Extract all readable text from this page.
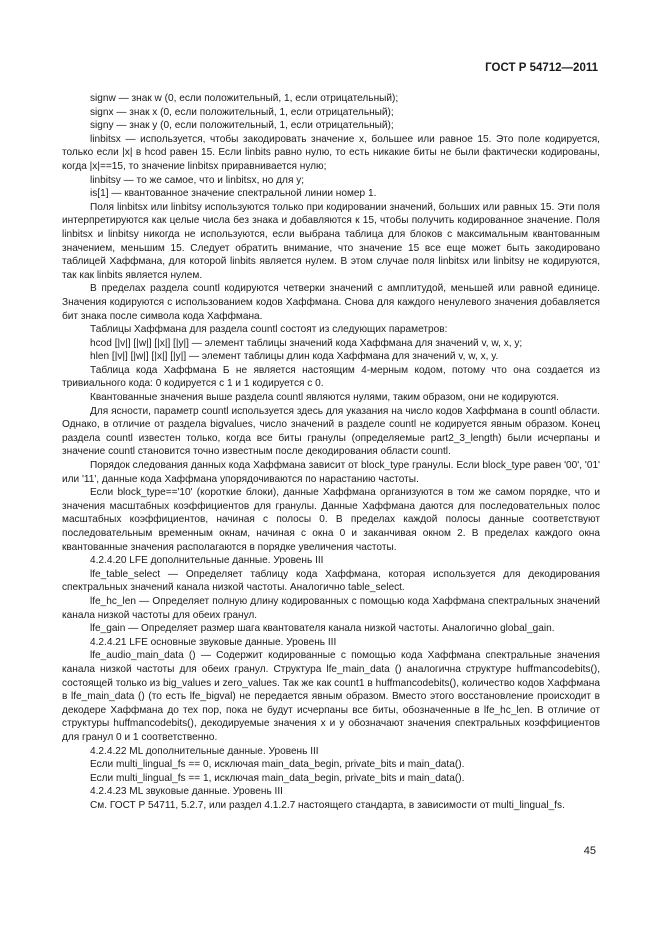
ГОСТ Р 54712—2011

signw — знак w (0, если положительный, 1, если отрицательный);

signx — знак x (0, если положительный, 1, если отрицательный);

signy — знак y (0, если положительный, 1, если отрицательный);

linbitsx — используется, чтобы закодировать значение x, большее или равное 15. Это поле кодируется, только если |x| в hcod равен 15. Если linbits равно нулю, то есть никакие биты не были фактически кодированы, когда |x|==15, то значение linbitsx приравнивается нулю;

linbitsy — то же самое, что и linbitsx, но для y;

is[1] — квантованное значение спектральной линии номер 1.

Поля linbitsx или linbitsy используются только при кодировании значений, больших или равных 15. Эти поля интерпретируются как целые числа без знака и добавляются к 15, чтобы получить кодированное значение. Поля linbitsx и linbitsy никогда не используются, если выбрана таблица для блоков с максимальным квантованным значением, меньшим 15. Следует обратить внимание, что значение 15 все еще может быть закодировано таблицей Хаффмана, для которой linbits является нулем. В этом случае поля linbitsx или linbitsy не кодируются, так как linbits является нулем.

В пределах раздела countl кодируются четверки значений с амплитудой, меньшей или равной единице. Значения кодируются с использованием кодов Хаффмана. Снова для каждого ненулевого значения добавляется бит знака после символа кода Хаффмана.

Таблицы Хаффмана для раздела countl состоят из следующих параметров:

hcod [|v|] [|w|] [|x|] [|y|] — элемент таблицы значений кода Хаффмана для значений v, w, x, y;

hlen [|v|] [|w|] [|x|] [|y|] — элемент таблицы длин кода Хаффмана для значений v, w, x, y.

Таблица кода Хаффмана Б не является настоящим 4-мерным кодом, потому что она создается из тривиального кода: 0 кодируется с 1 и 1 кодируется с 0.

Квантованные значения выше раздела countl являются нулями, таким образом, они не кодируются.

Для ясности, параметр countl используется здесь для указания на число кодов Хаффмана в countl области. Однако, в отличие от раздела bigvalues, число значений в разделе countl не кодируется явным образом. Конец раздела countl известен только, когда все биты гранулы (определяемые part2_3_length) были исчерпаны и значение countl становится точно известным после декодирования области countl.

Порядок следования данных кода Хаффмана зависит от block_type гранулы. Если block_type равен '00', '01' или '11', данные кода Хаффмана упорядочиваются по нарастанию частоты.

Если block_type=='10' (короткие блоки), данные Хаффмана организуются в том же самом порядке, что и значения масштабных коэффициентов для гранулы. Данные Хаффмана даются для последовательных полос масштабных коэффициентов, начиная с полосы 0. В пределах каждой полосы данные соответствуют последовательным временным окнам, начиная с окна 0 и заканчивая окном 2. В пределах каждого окна квантованные значения располагаются в порядке увеличения частоты.

4.2.4.20 LFE дополнительные данные. Уровень III

lfe_table_select — Определяет таблицу кода Хаффмана, которая используется для декодирования спектральных значений канала низкой частоты. Аналогично table_select.

lfe_hc_len — Определяет полную длину кодированных с помощью кода Хаффмана спектральных значений канала низкой частоты для обеих гранул.

lfe_gain — Определяет размер шага квантователя канала низкой частоты. Аналогично global_gain.

4.2.4.21 LFE основные звуковые данные. Уровень III

lfe_audio_main_data () — Содержит кодированные с помощью кода Хаффмана спектральные значения канала низкой частоты для обеих гранул. Структура lfe_main_data () аналогична структуре huffmancodebits(), состоящей только из big_values и zero_values. Так же как count1 в huffmancodebits(), количество кодов Хаффмана в lfe_main_data () (то есть lfe_bigval) не передается явным образом. Вместо этого восстановление происходит в декодере Хаффмана до тех пор, пока не будут исчерпаны все биты, обозначенные в lfe_hc_len. В отличие от структуры huffmancodebits(), декодируемые значения x и y обозначают значения спектральных коэффициентов для гранул 0 и 1 соответственно.

4.2.4.22 ML дополнительные данные. Уровень III

Если multi_lingual_fs == 0, исключая main_data_begin, private_bits и main_data().

Если multi_lingual_fs == 1, исключая main_data_begin, private_bits и main_data().

4.2.4.23 ML звуковые данные. Уровень III

См. ГОСТ Р 54711, 5.2.7, или раздел 4.1.2.7 настоящего стандарта, в зависимости от multi_lingual_fs.

45
